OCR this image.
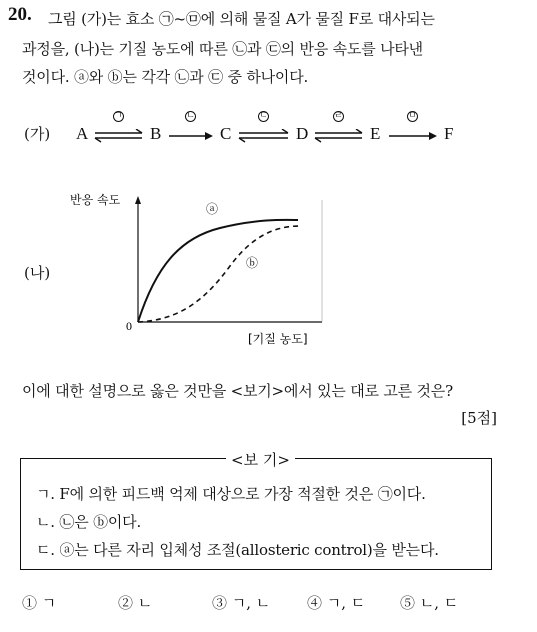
20. 그림 (가)는 효소 ㉠~㉤에 의해 물질 A가 물질 F로 대사되는
과정을, (나)는 기질 농도에 따른 ㉡과 ㉢의 반응 속도를 나타낸
것이다. ⓐ와 ⓑ는 각각 ㉡과 ㉢ 중 하나이다.
(가) A	B	C	D	E	F
ㄱ	ㄴ	ㄷ	ㄹ	ㅁ
(나)
반응 속도
0
ⓐ
ⓑ
[기질 농도]
이에 대한 설명으로 옳은 것만을 <보기>에서 있는 대로 고른 것은?
[5점]
<보 기>
ㄱ. F에 의한 피드백 억제 대상으로 가장 적절한 것은 ㉠이다.
ㄴ. ㉡은 ⓑ이다.
ㄷ. ⓐ는 다른 자리 입체성 조절(allosteric control)을 받는다.
① ㄱ	② ㄴ	③ ㄱ, ㄴ ④ ㄱ, ㄷ ⑤ ㄴ, ㄷ
